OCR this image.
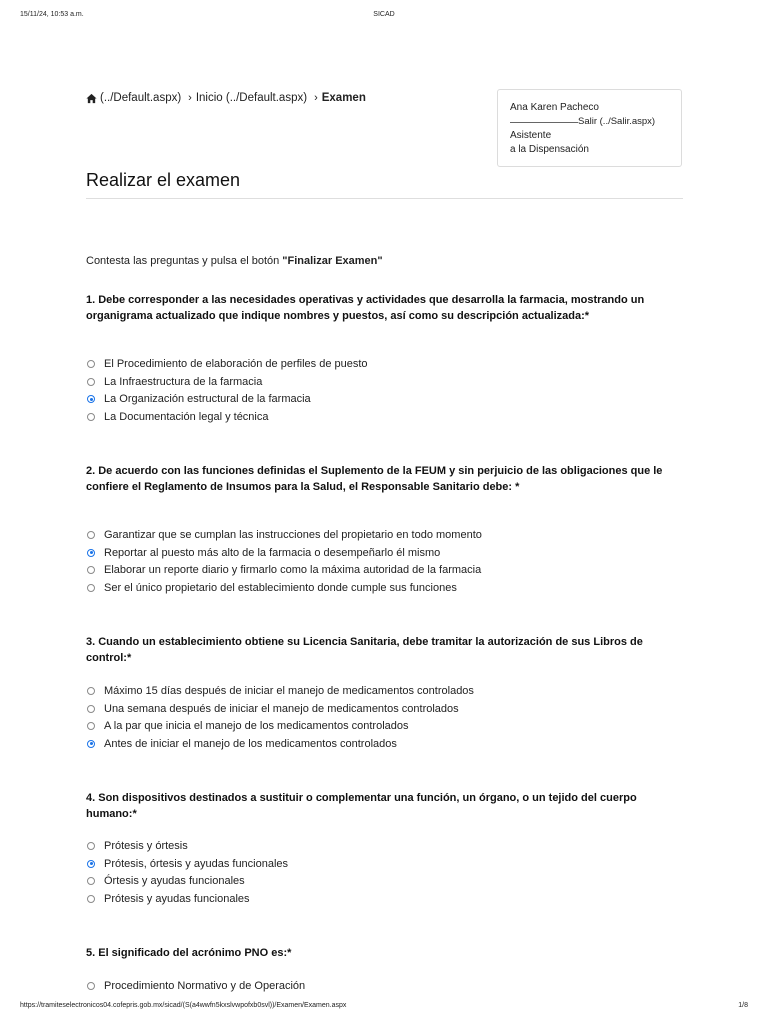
15/11/24, 10:53 a.m.	SICAD
(../Default.aspx) › Inicio (../Default.aspx) › Examen
Ana Karen Pacheco
Salir (../Salir.aspx)
Asistente
a la Dispensación
Realizar el examen

Contesta las preguntas y pulsa el botón "Finalizar Examen"

1. Debe corresponder a las necesidades operativas y actividades que desarrolla la farmacia, mostrando un organigrama actualizado que indique nombres y puestos, así como su descripción actualizada:*

El Procedimiento de elaboración de perfiles de puesto
La Infraestructura de la farmacia
La Organización estructural de la farmacia
La Documentación legal y técnica

2. De acuerdo con las funciones definidas el Suplemento de la FEUM y sin perjuicio de las obligaciones que le confiere el Reglamento de Insumos para la Salud, el Responsable Sanitario debe: *

Garantizar que se cumplan las instrucciones del propietario en todo momento
Reportar al puesto más alto de la farmacia o desempeñarlo él mismo
Elaborar un reporte diario y firmarlo como la máxima autoridad de la farmacia
Ser el único propietario del establecimiento donde cumple sus funciones

3. Cuando un establecimiento obtiene su Licencia Sanitaria, debe tramitar la autorización de sus Libros de control:*

Máximo 15 días después de iniciar el manejo de medicamentos controlados
Una semana después de iniciar el manejo de medicamentos controlados
A la par que inicia el manejo de los medicamentos controlados
Antes de iniciar el manejo de los medicamentos controlados

4. Son dispositivos destinados a sustituir o complementar una función, un órgano, o un tejido del cuerpo humano:*

Prótesis y órtesis
Prótesis, órtesis y ayudas funcionales
Órtesis y ayudas funcionales
Prótesis y ayudas funcionales

5. El significado del acrónimo PNO es:*

Procedimiento Normativo y de Operación
https://tramiteselectronicos04.cofepris.gob.mx/sicad/(S(a4wwfn5kxslvwpofxb0svl))/Examen/Examen.aspx	1/8
